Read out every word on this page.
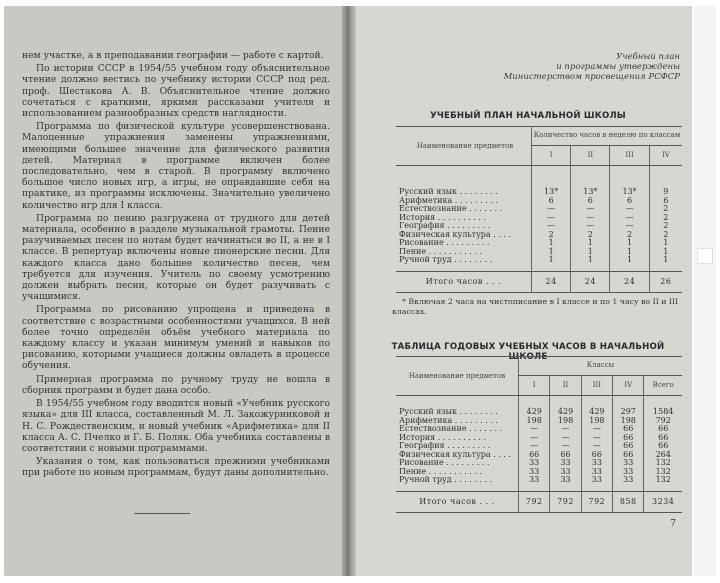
нем участке, а в преподавании географии — работе с картой.

По истории СССР в 1954/55 учебном году объяснительное чтение должно вестись по учебнику истории СССР под ред. проф. Шестакова А. В. Объяснительное чтение должно сочетаться с краткими, яркими рассказами учителя и использованием разнообразных средств наглядности.

Программа по физической культуре усовершенствована. Малоценные упражнения заменены упражнениями, имеющими большее значение для физического развития детей. Материал в программе включен более последовательно, чем в старой. В программу включено большое число новых игр, а игры, не оправдавшие себя на практике, из программы исключены. Значительно увеличено количество игр для I класса.

Программа по пению разгружена от трудного для детей материала, особенно в разделе музыкальной грамоты. Пение разучиваемых песен по нотам будет начинаться во II, а не в I классе. В репертуар включены новые пионерские песни. Для каждого класса дано большее количество песен, чем требуется для изучения. Учитель по своему усмотрению должен выбрать песни, которые он будет разучивать с учащимися.

Программа по рисованию упрощена и приведена в соответствие с возрастными особенностями учащихся. В ней более точно определён объём учебного материала по каждому классу и указан минимум умений и навыков по рисованию, которыми учащиеся должны овладеть в процессе обучения.

Примерная программа по ручному труду не вошла в сборник программ и будет дана особо.

В 1954/55 учебном году вводится новый «Учебник русского языка» для III класса, составленный М. Л. Закожурниковой и Н. С. Рождественским, и новый учебник «Арифметика» для II класса А. С. Пчелко и Г. Б. Поляк. Оба учебника составлены в соответствии с новыми программами.

Указания о том, как пользоваться прежними учебниками при работе по новым программам, будут даны дополнительно.

Учебный план
и программы утверждены
Министерством просвещения РСФСР
УЧЕБНЫЙ ПЛАН НАЧАЛЬНОЙ ШКОЛЫ
Наименование предметов	Количество часов в неделю по классам			
	I	II	III	IV
Русский язык . . . . . . . .	13*	13*	13*	9
Арифметика . . . . . . . . .	6	6	6	6
Естествознание . . . . . . .	—	—	—	2
История . . . . . . . . . .	—	—	—	2
География . . . . . . . . .	—	—	—	2
Физическая культура . . . .	2	2	2	2
Рисование . . . . . . . . .	1	1	1	1
Пение . . . . . . . . . . .	1	1	1	1
Ручной труд . . . . . . . .	1	1	1	1
Итого часов . . .	24	24	24	26
* Включая 2 часа на чистописание в I классе и по 1 часу во II и III классах.
ТАБЛИЦА ГОДОВЫХ УЧЕБНЫХ ЧАСОВ В НАЧАЛЬНОЙ ШКОЛЕ
Наименование предметов	Классы				
	I	II	III	IV	Всего
Русский язык . . . . . . . .	429	429	429	297	1584
Арифметика . . . . . . . . .	198	198	198	198	792
Естествознание . . . . . . .	—	—	—	66	66
История . . . . . . . . . .	—	—	—	66	66
География . . . . . . . . .	—	—	—	66	66
Физическая культура . . . .	66	66	66	66	264
Рисование . . . . . . . . .	33	33	33	33	132
Пение . . . . . . . . . . .	33	33	33	33	132
Ручной труд . . . . . . . .	33	33	33	33	132
Итого часов . . .	792	792	792	858	3234
7
